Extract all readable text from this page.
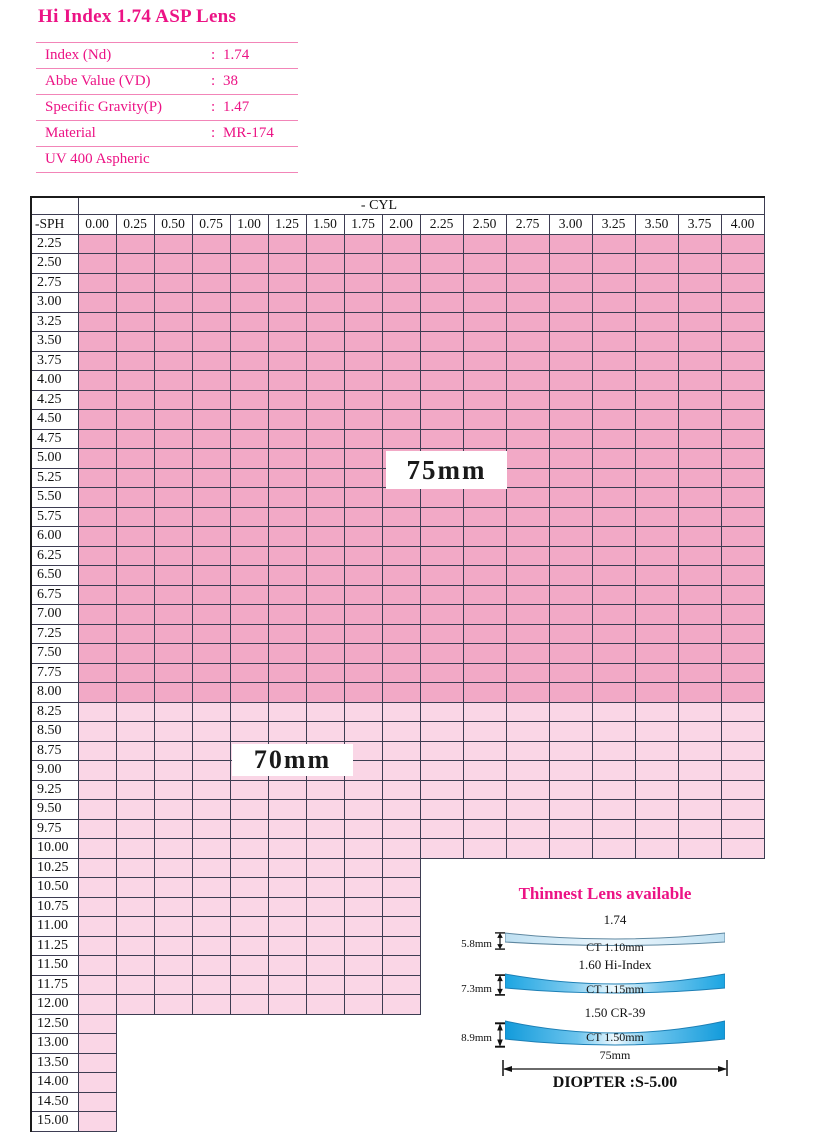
Hi Index 1.74 ASP Lens
Index (Nd)	: 1.74
Abbe Value (VD)	: 38
Specific Gravity(P)	: 1.47
Material	: MR-174
UV 400 Aspheric
	- CYL																
-SPH	0.00	0.25	0.50	0.75	1.00	1.25	1.50	1.75	2.00	2.25	2.50	2.75	3.00	3.25	3.50	3.75	4.00
2.25																	
2.50																	
2.75																	
3.00																	
3.25																	
3.50																	
3.75																	
4.00																	
4.25																	
4.50																	
4.75																	
5.00																	
5.25																	
5.50																	
5.75																	
6.00																	
6.25																	
6.50																	
6.75																	
7.00																	
7.25																	
7.50																	
7.75																	
8.00																	
8.25																	
8.50																	
8.75																	
9.00																	
9.25																	
9.50																	
9.75																	
10.00																	
10.25																	
10.50																	
10.75																	
11.00																	
11.25																	
11.50																	
11.75																	
12.00																	
12.50																	
13.00																	
13.50																	
14.00																	
14.50																	
15.00																	

75mm
70mm
Thinnest Lens available
1.74
CT 1.10mm
5.8mm
1.60 Hi-Index
CT 1.15mm
7.3mm
1.50 CR-39
CT 1.50mm
8.9mm
75mm
DIOPTER :S-5.00
